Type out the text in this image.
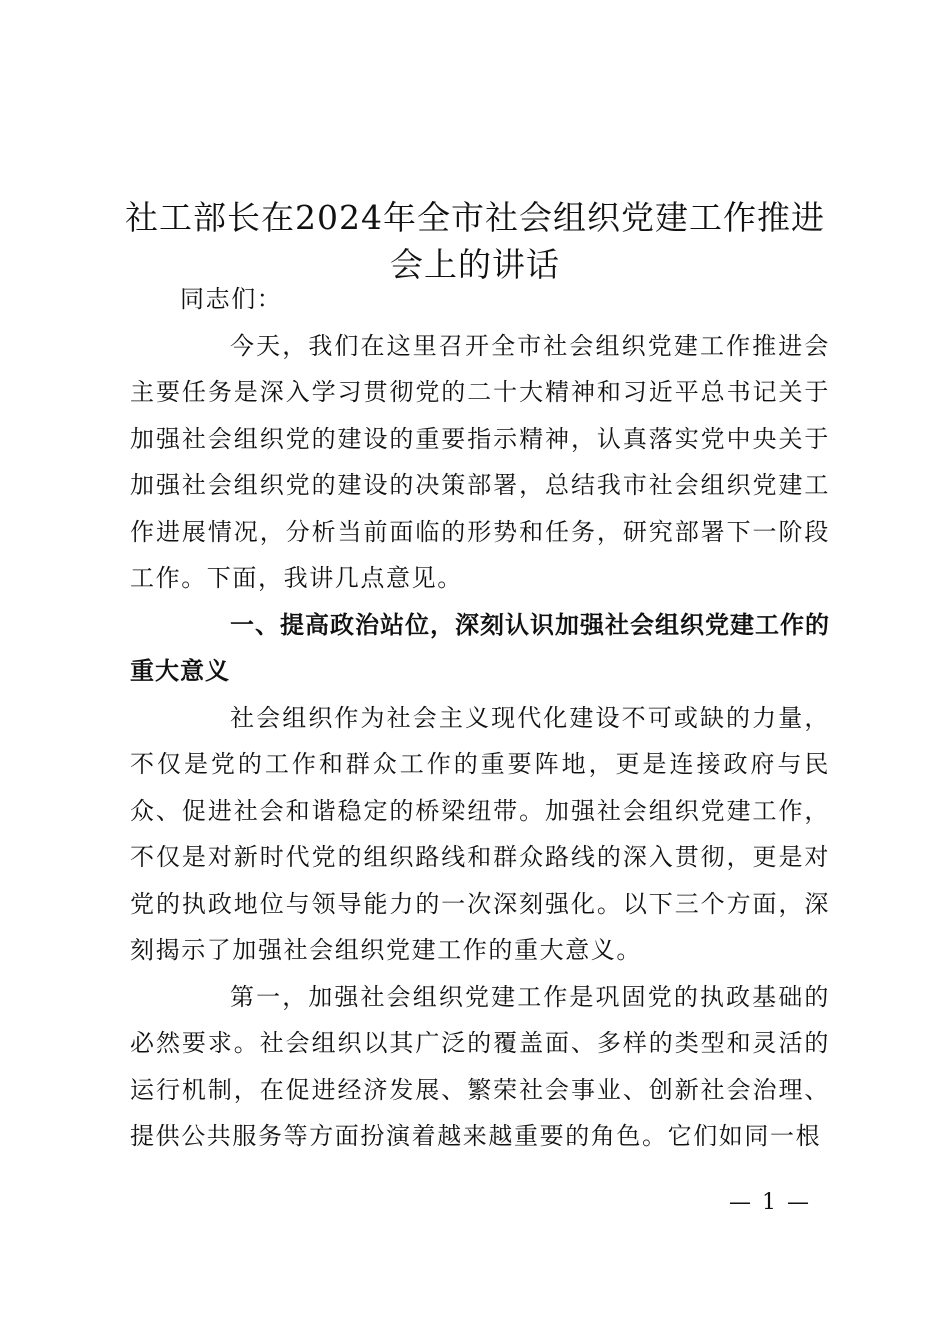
社工部长在2024年全市社会组织党建工作推进会上的讲话

同志们：

今天，我们在这里召开全市社会组织党建工作推进会主要任务是深入学习贯彻党的二十大精神和习近平总书记关于加强社会组织党的建设的重要指示精神，认真落实党中央关于加强社会组织党的建设的决策部署，总结我市社会组织党建工作进展情况，分析当前面临的形势和任务，研究部署下一阶段工作。下面，我讲几点意见。

一、提高政治站位，深刻认识加强社会组织党建工作的重大意义

社会组织作为社会主义现代化建设不可或缺的力量，不仅是党的工作和群众工作的重要阵地，更是连接政府与民众、促进社会和谐稳定的桥梁纽带。加强社会组织党建工作，不仅是对新时代党的组织路线和群众路线的深入贯彻，更是对党的执政地位与领导能力的一次深刻强化。以下三个方面，深刻揭示了加强社会组织党建工作的重大意义。

第一，加强社会组织党建工作是巩固党的执政基础的必然要求。社会组织以其广泛的覆盖面、多样的类型和灵活的运行机制，在促进经济发展、繁荣社会事业、创新社会治理、提供公共服务等方面扮演着越来越重要的角色。它们如同一根

— 1 —
